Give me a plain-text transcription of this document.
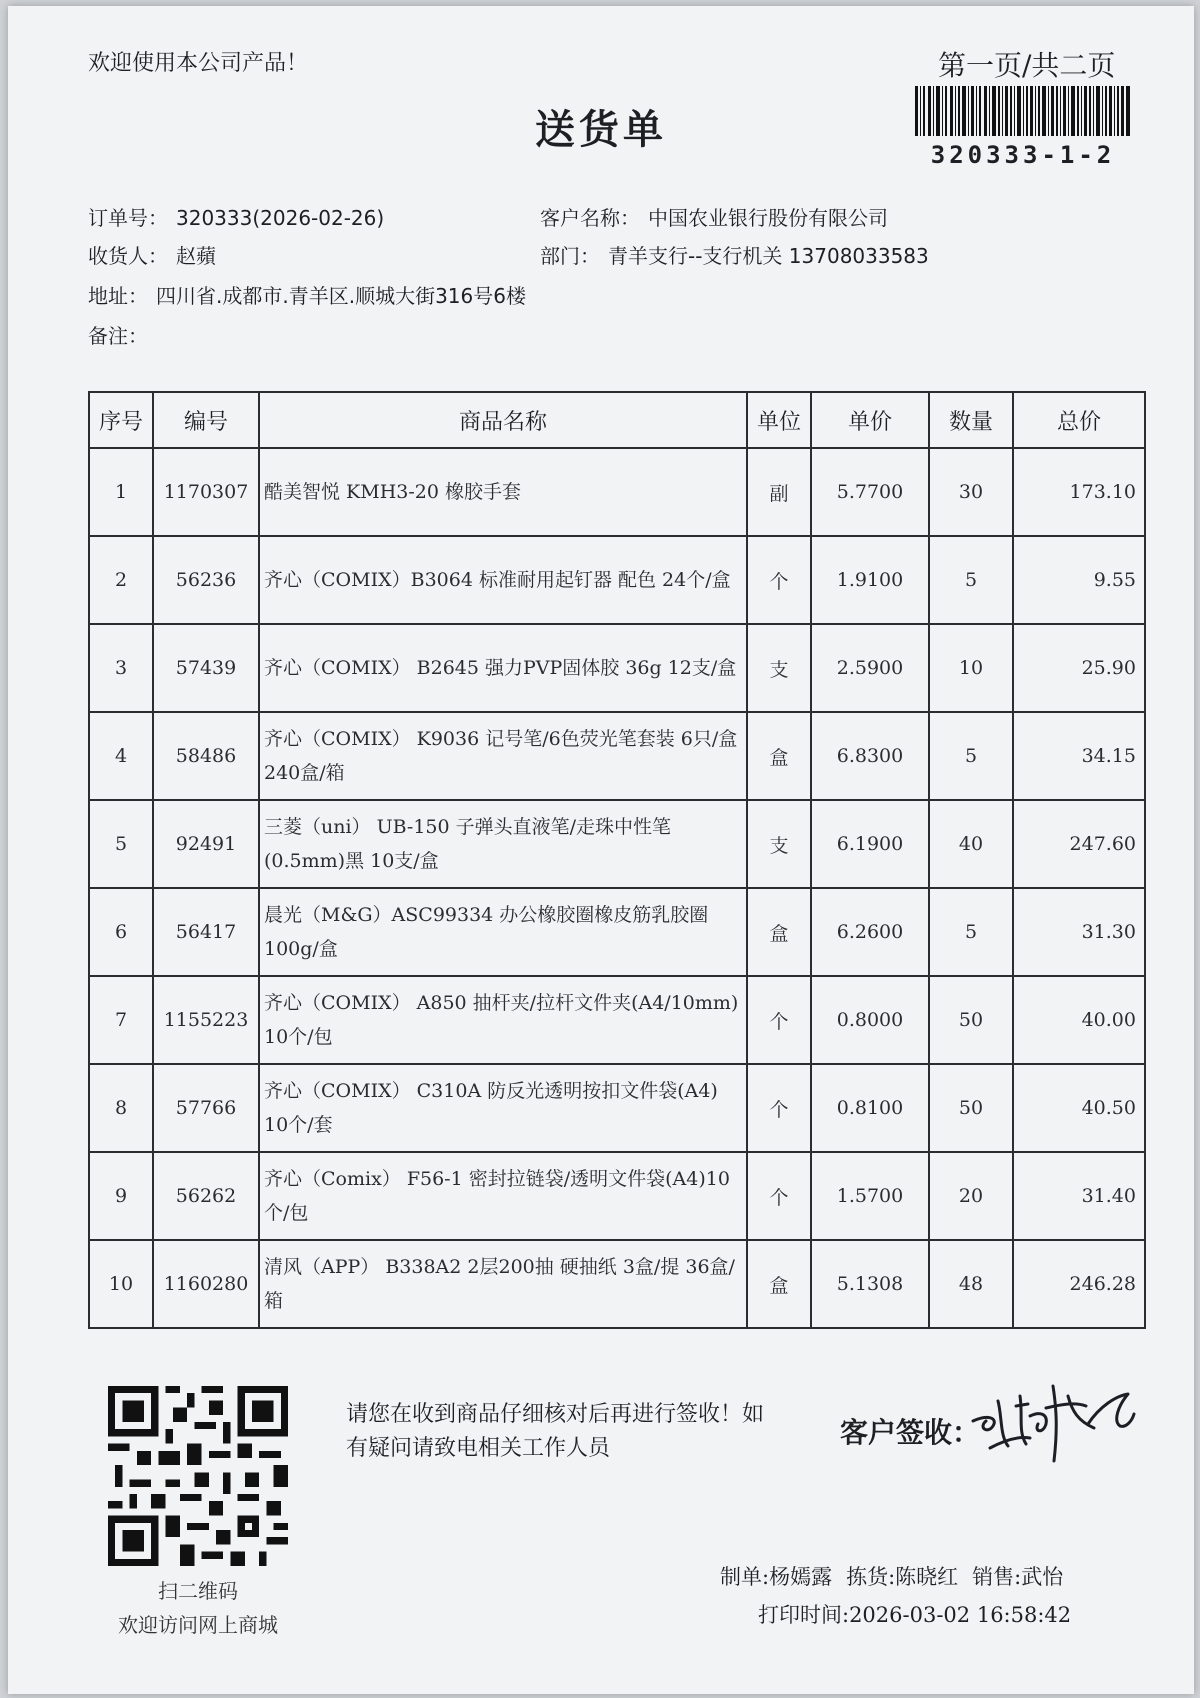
欢迎使用本公司产品！	第一页/共二页
送货单
320333-1-2
订单号： 320333(2026-02-26)	客户名称： 中国农业银行股份有限公司
收货人： 赵蘋	部门： 青羊支行--支行机关 13708033583
地址： 四川省.成都市.青羊区.顺城大街316号6楼
备注：
序号	编号	商品名称	单位	单价	数量	总价
1	1170307	酷美智悦 KMH3-20 橡胶手套	副	5.7700	30	173.10
2	56236	齐心（COMIX）B3064 标准耐用起钉器 配色 24个/盒	个	1.9100	5	9.55
3	57439	齐心（COMIX） B2645 强力PVP固体胶 36g 12支/盒	支	2.5900	10	25.90
4	58486	齐心（COMIX） K9036 记号笔/6色荧光笔套装 6只/盒 240盒/箱	盒	6.8300	5	34.15
5	92491	三菱（uni） UB-150 子弹头直液笔/走珠中性笔(0.5mm)黑 10支/盒	支	6.1900	40	247.60
6	56417	晨光（M&G）ASC99334 办公橡胶圈橡皮筋乳胶圈100g/盒	盒	6.2600	5	31.30
7	1155223	齐心（COMIX） A850 抽杆夹/拉杆文件夹(A4/10mm) 10个/包	个	0.8000	50	40.00
8	57766	齐心（COMIX） C310A 防反光透明按扣文件袋(A4) 10个/套	个	0.8100	50	40.50
9	56262	齐心（Comix） F56-1 密封拉链袋/透明文件袋(A4)10个/包	个	1.5700	20	31.40
10	1160280	清风（APP） B338A2 2层200抽 硬抽纸 3盒/提 36盒/箱	盒	5.1308	48	246.28
扫二维码
欢迎访问网上商城
请您在收到商品仔细核对后再进行签收！如有疑问请致电相关工作人员	客户签收：
制单:杨嫣露 拣货:陈晓红 销售:武怡
打印时间:2026-03-02 16:58:42
